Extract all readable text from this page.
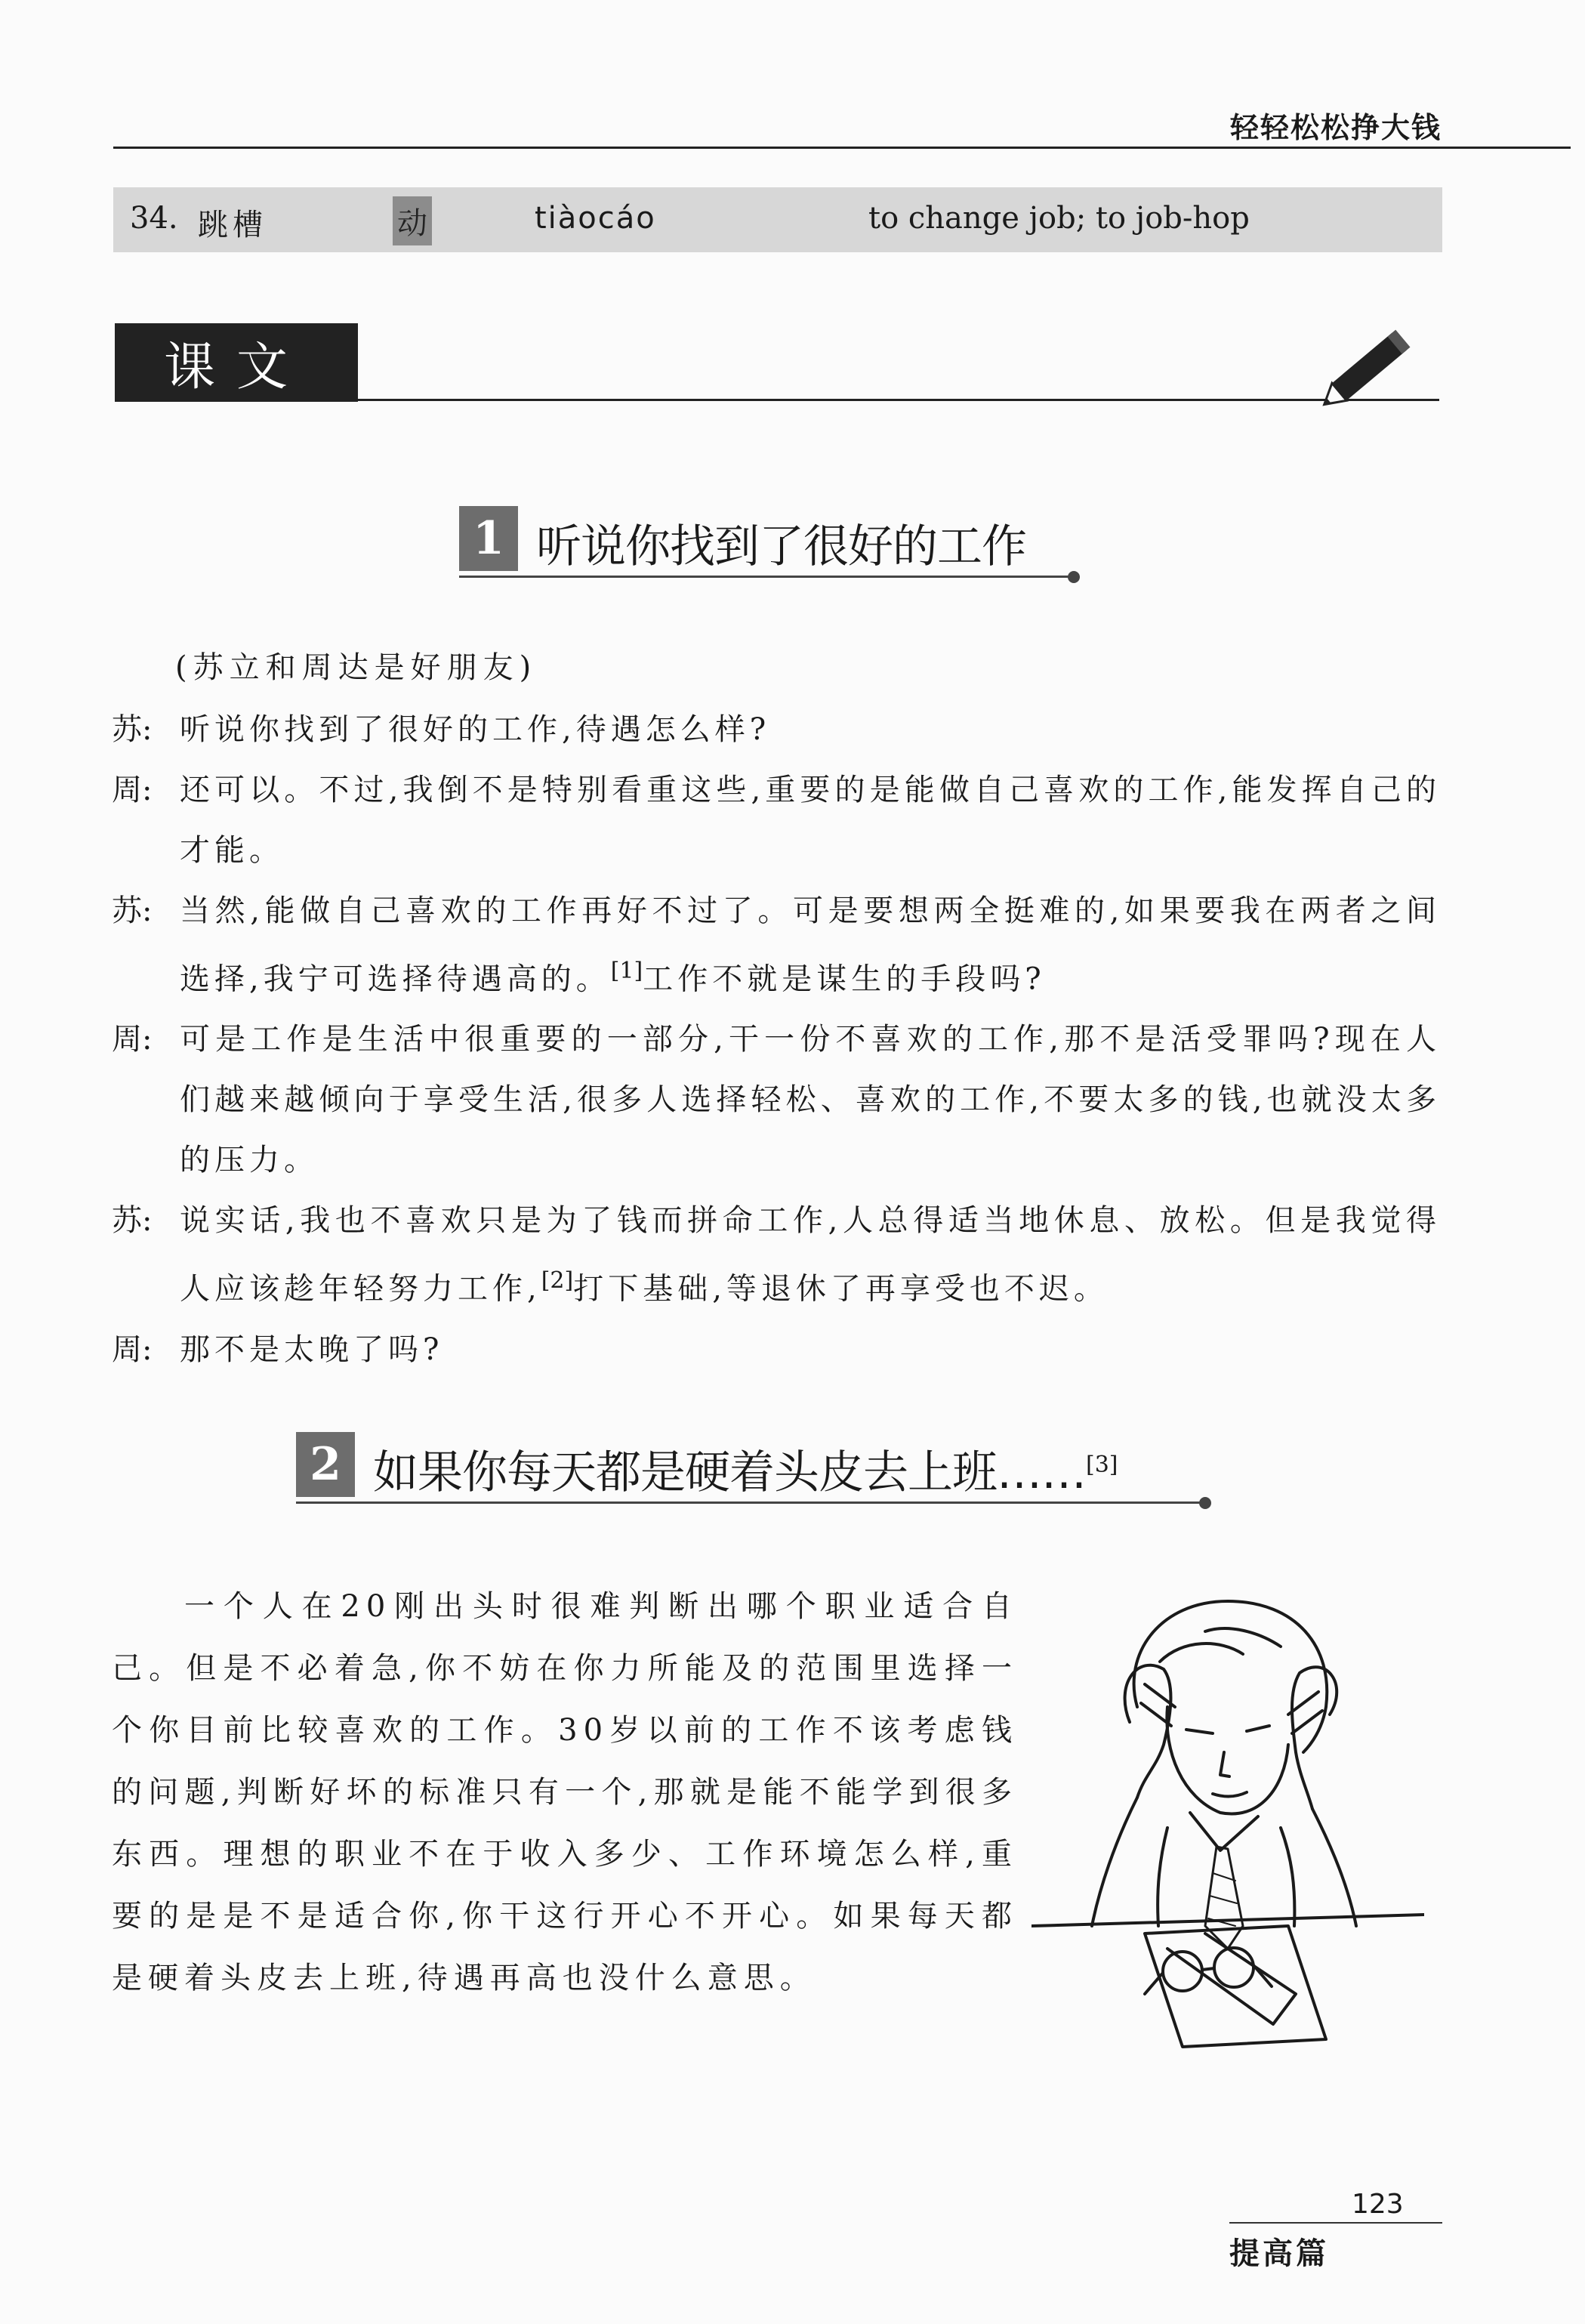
轻轻松松挣大钱
34. 跳槽	动	tiàocáo	to change job; to job-hop
课文
1 听说你找到了很好的工作
(苏立和周达是好朋友)
苏: 听说你找到了很好的工作,待遇怎么样?
周: 还可以。不过,我倒不是特别看重这些,重要的是能做自己喜欢的工作,能发挥自己的才能。
苏: 当然,能做自己喜欢的工作再好不过了。可是要想两全挺难的,如果要我在两者之间选择,我宁可选择待遇高的。[1]工作不就是谋生的手段吗?
周: 可是工作是生活中很重要的一部分,干一份不喜欢的工作,那不是活受罪吗?现在人们越来越倾向于享受生活,很多人选择轻松、喜欢的工作,不要太多的钱,也就没太多的压力。
苏: 说实话,我也不喜欢只是为了钱而拼命工作,人总得适当地休息、放松。但是我觉得人应该趁年轻努力工作,[2]打下基础,等退休了再享受也不迟。
周: 那不是太晚了吗?
2 如果你每天都是硬着头皮去上班……[3]
一个人在20刚出头时很难判断出哪个职业适合自己。但是不必着急,你不妨在你力所能及的范围里选择一个你目前比较喜欢的工作。30岁以前的工作不该考虑钱的问题,判断好坏的标准只有一个,那就是能不能学到很多东西。理想的职业不在于收入多少、工作环境怎么样,重要的是是不是适合你,你干这行开心不开心。如果每天都是硬着头皮去上班,待遇再高也没什么意思。
123
提高篇
